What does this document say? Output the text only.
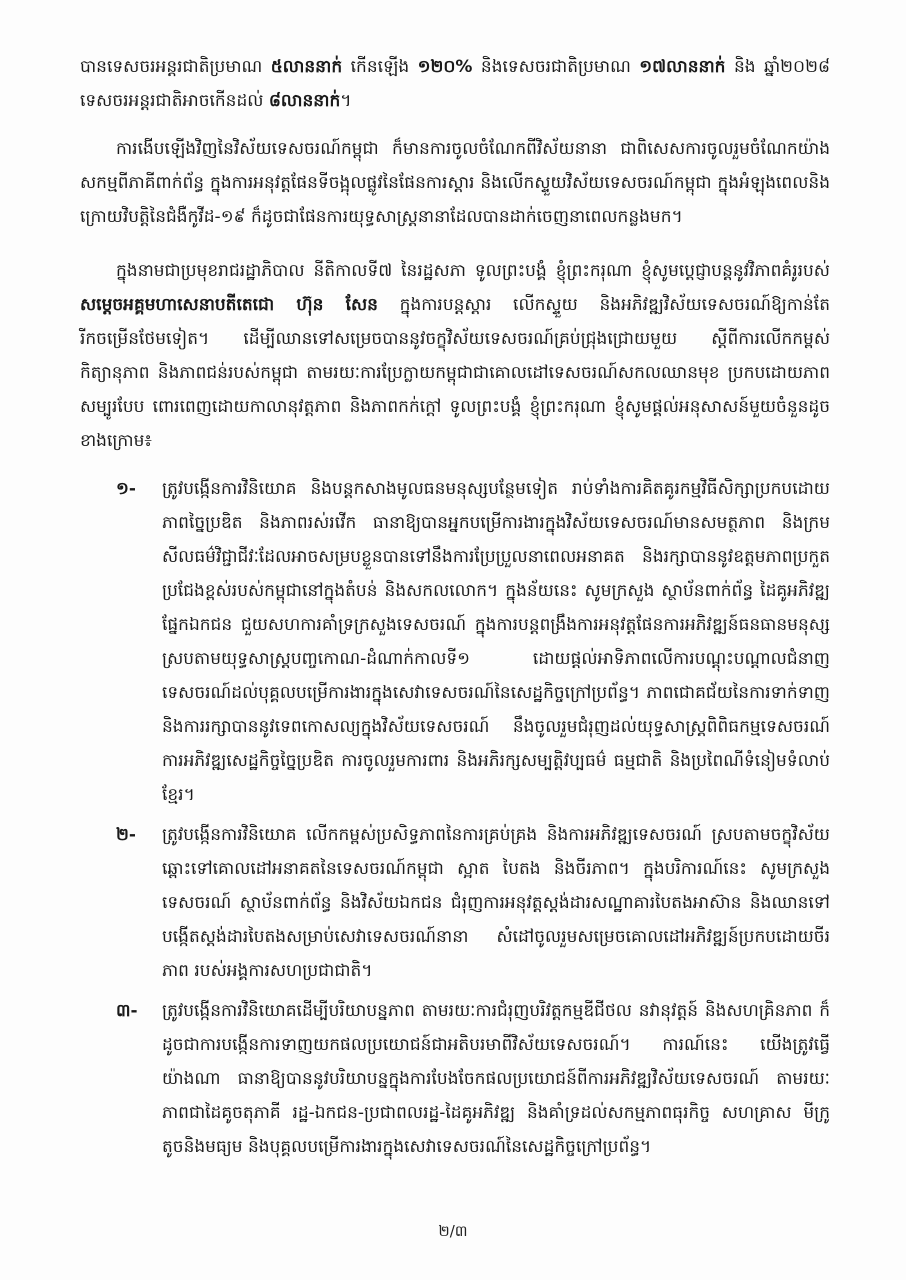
បានទេសចរអន្តរជាតិប្រមាណ ៥លាននាក់ កើនឡើង ១២០% និងទេសចរជាតិប្រមាណ ១៧លាននាក់ និង ឆ្នាំ២០២៨ ទេសចរអន្តរជាតិអាចកើនដល់ ៨លាននាក់។

ការងើបឡើងវិញនៃវិស័យទេសចរណ៍កម្ពុជា ក៏មានការចូលចំណែកពីវិស័យនានា ជាពិសេសការចូលរួមចំណែកយ៉ាងសកម្មពីភាគីពាក់ព័ន្ធ ក្នុងការអនុវត្តផែនទីចង្អុលផ្លូវនៃផែនការស្តារ និងលើកស្ទួយវិស័យទេសចរណ៍កម្ពុជា ក្នុងអំឡុងពេលនិងក្រោយវិបត្តិនៃជំងឺកូវីដ-១៩ ក៏ដូចជាផែនការយុទ្ធសាស្ត្រនានាដែលបានដាក់ចេញនាពេលកន្លងមក។

ក្នុងនាមជាប្រមុខរាជរដ្ឋាភិបាល នីតិកាលទី៧ នៃរដ្ឋសភា ទូលព្រះបង្គំ ខ្ញុំព្រះករុណា ខ្ញុំសូមប្តេជ្ញាបន្តនូវវិភាពគំរូរបស់ សម្តេចអគ្គមហាសេនាបតីតេជោ ហ៊ុន សែន ក្នុងការបន្តស្តារ លើកស្ទួយ និងអភិវឌ្ឍវិស័យទេសចរណ៍ឱ្យកាន់តែរីកចម្រើនថែមទៀត។ ដើម្បីឈានទៅសម្រេចបាននូវចក្ខុវិស័យទេសចរណ៍គ្រប់ជ្រុងជ្រោយមួយ ស្តីពីការលើកកម្ពស់កិត្យានុភាព និងភាពជន់របស់កម្ពុជា តាមរយៈការប្រែក្លាយកម្ពុជាជាគោលដៅទេសចរណ៍សកលឈានមុខ ប្រកបដោយភាពសម្បូរបែប ពោរពេញដោយកាលានុវត្តភាព និងភាពកក់ក្តៅ ទូលព្រះបង្គំ ខ្ញុំព្រះករុណា ខ្ញុំសូមផ្តល់អនុសាសន៍មួយចំនួនដូចខាងក្រោម៖

១-	ត្រូវបង្កើនការវិនិយោគ និងបន្តកសាងមូលធនមនុស្សបន្ថែមទៀត រាប់ទាំងការគិតគូរកម្មវិធីសិក្សាប្រកបដោយភាពច្នៃប្រឌិត និងភាពរស់រវើក ធានាឱ្យបានអ្នកបម្រើការងារក្នុងវិស័យទេសចរណ៍មានសមត្ថភាព និងក្រមសីលធម៌វិជ្ជាជីវៈដែលអាចសម្របខ្លួនបានទៅនឹងការប្រែប្រួលនាពេលអនាគត និងរក្សាបាននូវឧត្តមភាពប្រកួតប្រជែងខ្ពស់របស់កម្ពុជានៅក្នុងតំបន់ និងសកលលោក។ ក្នុងន័យនេះ សូមក្រសួង ស្ថាប័នពាក់ព័ន្ធ ដៃគូអភិវឌ្ឍ ផ្នែកឯកជន ជួយសហការគាំទ្រក្រសួងទេសចរណ៍ ក្នុងការបន្តពង្រឹងការអនុវត្តផែនការអភិវឌ្ឍន៍ធនធានមនុស្ស ស្របតាមយុទ្ធសាស្ត្របញ្ចកោណ-ដំណាក់កាលទី១ ដោយផ្តល់អាទិភាពលើការបណ្តុះបណ្តាលជំនាញទេសចរណ៍ដល់បុគ្គលបម្រើការងារក្នុងសេវាទេសចរណ៍នៃសេដ្ឋកិច្ចក្រៅប្រព័ន្ធ។ ភាពជោគជ័យនៃការទាក់ទាញ និងការរក្សាបាននូវទេពកោសល្យក្នុងវិស័យទេសចរណ៍ នឹងចូលរួមជំរុញដល់យុទ្ធសាស្ត្រពិពិធកម្មទេសចរណ៍ ការអភិវឌ្ឍសេដ្ឋកិច្ចច្នៃប្រឌិត ការចូលរួមការពារ និងអភិរក្សសម្បត្តិវប្បធម៌ ធម្មជាតិ និងប្រពៃណីទំនៀមទំលាប់ខ្មែរ។
២-	ត្រូវបង្កើនការវិនិយោគ លើកកម្ពស់ប្រសិទ្ធភាពនៃការគ្រប់គ្រង និងការអភិវឌ្ឍទេសចរណ៍ ស្របតាមចក្ខុវិស័យឆ្ពោះទៅគោលដៅអនាគតនៃទេសចរណ៍កម្ពុជា ស្អាត បៃតង និងចីរភាព។ ក្នុងបរិការណ៍នេះ សូមក្រសួងទេសចរណ៍ ស្ថាប័នពាក់ព័ន្ធ និងវិស័យឯកជន ជំរុញការអនុវត្តស្តង់ដារសណ្ឋាគារបៃតងអាស៊ាន និងឈានទៅបង្កើតស្តង់ដារបៃតងសម្រាប់សេវាទេសចរណ៍នានា សំដៅចូលរួមសម្រេចគោលដៅអភិវឌ្ឍន៍ប្រកបដោយចីរភាព របស់អង្គការសហប្រជាជាតិ។
៣-	ត្រូវបង្កើនការវិនិយោគដើម្បីបរិយាបន្នភាព តាមរយៈការជំរុញបរិវត្តកម្មឌីជីថល នវានុវត្តន៍ និងសហគ្រិនភាព ក៏ដូចជាការបង្កើនការទាញយកផលប្រយោជន៍ជាអតិបរមាពីវិស័យទេសចរណ៍។ ការណ៍នេះ យើងត្រូវធ្វើយ៉ាងណា ធានាឱ្យបាននូវបរិយាបន្នក្នុងការបែងចែកផលប្រយោជន៍ពីការអភិវឌ្ឍវិស័យទេសចរណ៍ តាមរយៈភាពជាដៃគូចតុភាគី រដ្ឋ-ឯកជន-ប្រជាពលរដ្ឋ-ដៃគូអភិវឌ្ឍ និងគាំទ្រដល់សកម្មភាពធុរកិច្ច សហគ្រាស មីក្រូ តូចនិងមធ្យម និងបុគ្គលបម្រើការងារក្នុងសេវាទេសចរណ៍នៃសេដ្ឋកិច្ចក្រៅប្រព័ន្ធ។
២/៣
